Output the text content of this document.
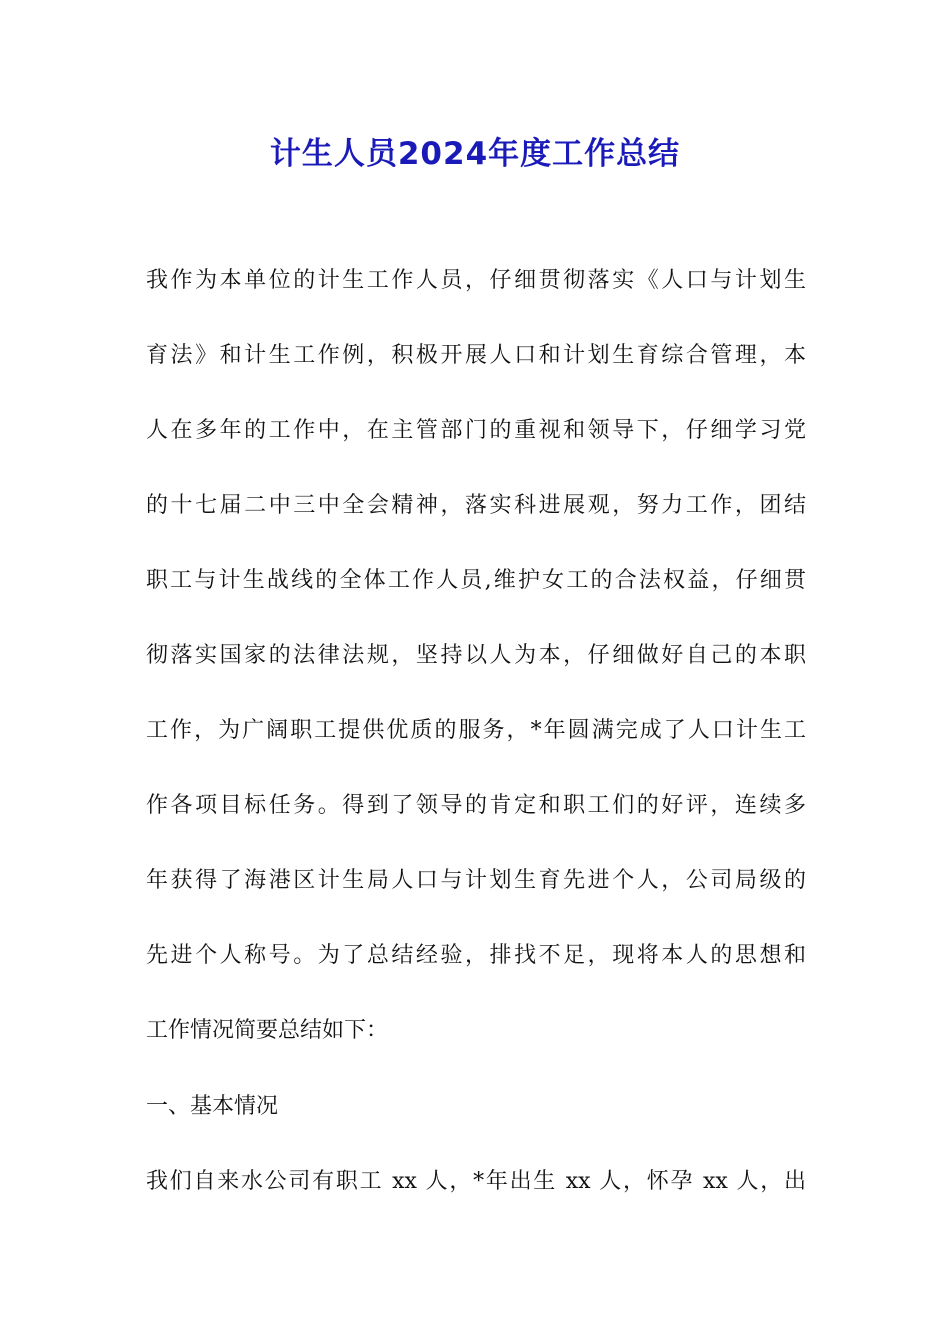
计生人员2024年度工作总结
我作为本单位的计生工作人员，仔细贯彻落实《人口与计划生
育法》和计生工作例，积极开展人口和计划生育综合管理，本
人在多年的工作中，在主管部门的重视和领导下，仔细学习党
的十七届二中三中全会精神，落实科进展观，努力工作，团结
职工与计生战线的全体工作人员,维护女工的合法权益，仔细贯
彻落实国家的法律法规，坚持以人为本，仔细做好自己的本职
工作，为广阔职工提供优质的服务，*年圆满完成了人口计生工
作各项目标任务。得到了领导的肯定和职工们的好评，连续多
年获得了海港区计生局人口与计划生育先进个人，公司局级的
先进个人称号。为了总结经验，排找不足，现将本人的思想和
工作情况简要总结如下：
一、基本情况
我们自来水公司有职工 xx 人，*年出生 xx 人，怀孕 xx 人，出
